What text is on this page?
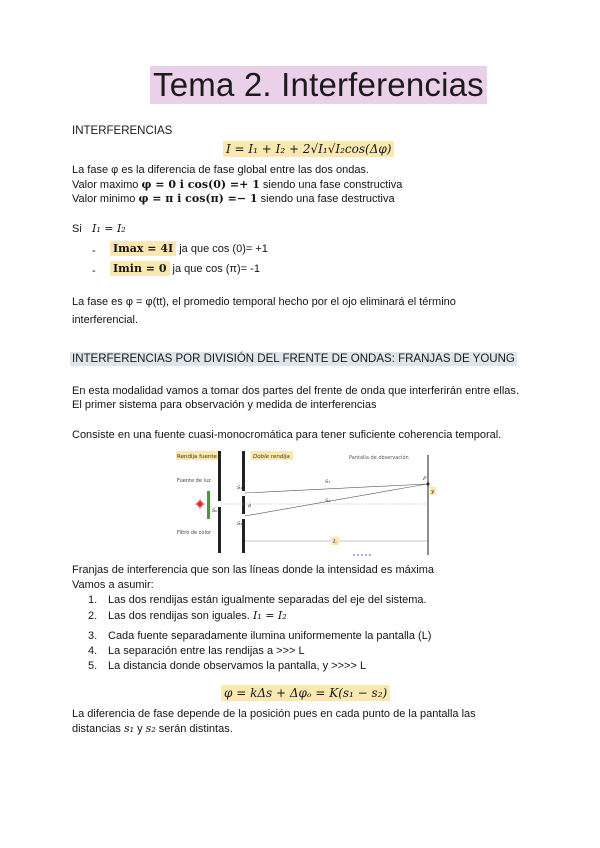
Tema 2. Interferencias
INTERFERENCIAS
I = I₁ + I₂ + 2√I₁√I₂cos(Δφ)
La fase φ es la diferencia de fase global entre las dos ondas.
Valor maximo φ = 0 i cos(0) =+ 1 siendo una fase constructiva
Valor minimo φ = π i cos(π) =− 1 siendo una fase destructiva
Si I₁ = I₂
- Imax = 4I ja que cos (0)= +1
- Imin = 0 ja que cos (π)= -1
La fase es φ = φ(tt), el promedio temporal hecho por el ojo eliminará el término
interferencial.
INTERFERENCIAS POR DIVISIÓN DEL FRENTE DE ONDAS: FRANJAS DE YOUNG
En esta modalidad vamos a tomar dos partes del frente de onda que interferirán entre ellas.
El primer sistema para observación y medida de interferencias
Consiste en una fuente cuasi-monocromática para tener suficiente coherencia temporal.
Rendija fuente	Doble rendija	Pantalla de observación
Fuente de luz
Filtro de color
S₀
S₁
S₂
d
S₁
S₂
P
y
L
Franjas de interferencia que son las líneas donde la intensidad es máxima
Vamos a asumir:
1. Las dos rendijas están igualmente separadas del eje del sistema.
2. Las dos rendijas son iguales. I₁ = I₂
3. Cada fuente separadamente ilumina uniformemente la pantalla (L)
4. La separación entre las rendijas a >>> L
5. La distancia donde observamos la pantalla, y >>>> L
φ = kΔs + Δφₒ = K(s₁ − s₂)
La diferencia de fase depende de la posición pues en cada punto de la pantalla las
distancias s₁ y s₂ serán distintas.
